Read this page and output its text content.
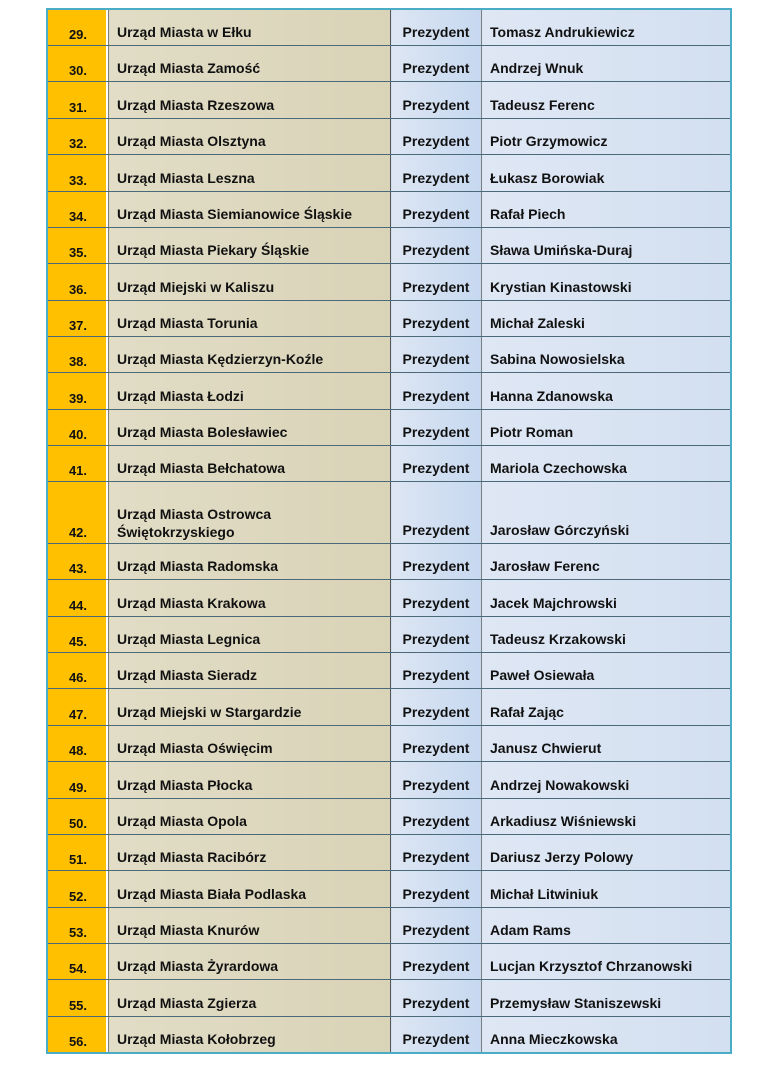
29.	Urząd Miasta w Ełku	Prezydent	Tomasz Andrukiewicz
30.	Urząd Miasta Zamość	Prezydent	Andrzej Wnuk
31.	Urząd Miasta Rzeszowa	Prezydent	Tadeusz Ferenc
32.	Urząd Miasta Olsztyna	Prezydent	Piotr Grzymowicz
33.	Urząd Miasta Leszna	Prezydent	Łukasz Borowiak
34.	Urząd Miasta Siemianowice Śląskie	Prezydent	Rafał Piech
35.	Urząd Miasta Piekary Śląskie	Prezydent	Sława Umińska-Duraj
36.	Urząd Miejski w Kaliszu	Prezydent	Krystian Kinastowski
37.	Urząd Miasta Torunia	Prezydent	Michał Zaleski
38.	Urząd Miasta Kędzierzyn-Koźle	Prezydent	Sabina Nowosielska
39.	Urząd Miasta Łodzi	Prezydent	Hanna Zdanowska
40.	Urząd Miasta Bolesławiec	Prezydent	Piotr Roman
41.	Urząd Miasta Bełchatowa	Prezydent	Mariola Czechowska
42.	Urząd Miasta Ostrowca Świętokrzyskiego	Prezydent	Jarosław Górczyński
43.	Urząd Miasta Radomska	Prezydent	Jarosław Ferenc
44.	Urząd Miasta Krakowa	Prezydent	Jacek Majchrowski
45.	Urząd Miasta Legnica	Prezydent	Tadeusz Krzakowski
46.	Urząd Miasta Sieradz	Prezydent	Paweł Osiewała
47.	Urząd Miejski w Stargardzie	Prezydent	Rafał Zając
48.	Urząd Miasta Oświęcim	Prezydent	Janusz Chwierut
49.	Urząd Miasta Płocka	Prezydent	Andrzej Nowakowski
50.	Urząd Miasta Opola	Prezydent	Arkadiusz Wiśniewski
51.	Urząd Miasta Racibórz	Prezydent	Dariusz Jerzy Polowy
52.	Urząd Miasta Biała Podlaska	Prezydent	Michał Litwiniuk
53.	Urząd Miasta Knurów	Prezydent	Adam Rams
54.	Urząd Miasta Żyrardowa	Prezydent	Lucjan Krzysztof Chrzanowski
55.	Urząd Miasta Zgierza	Prezydent	Przemysław Staniszewski
56.	Urząd Miasta Kołobrzeg	Prezydent	Anna Mieczkowska
